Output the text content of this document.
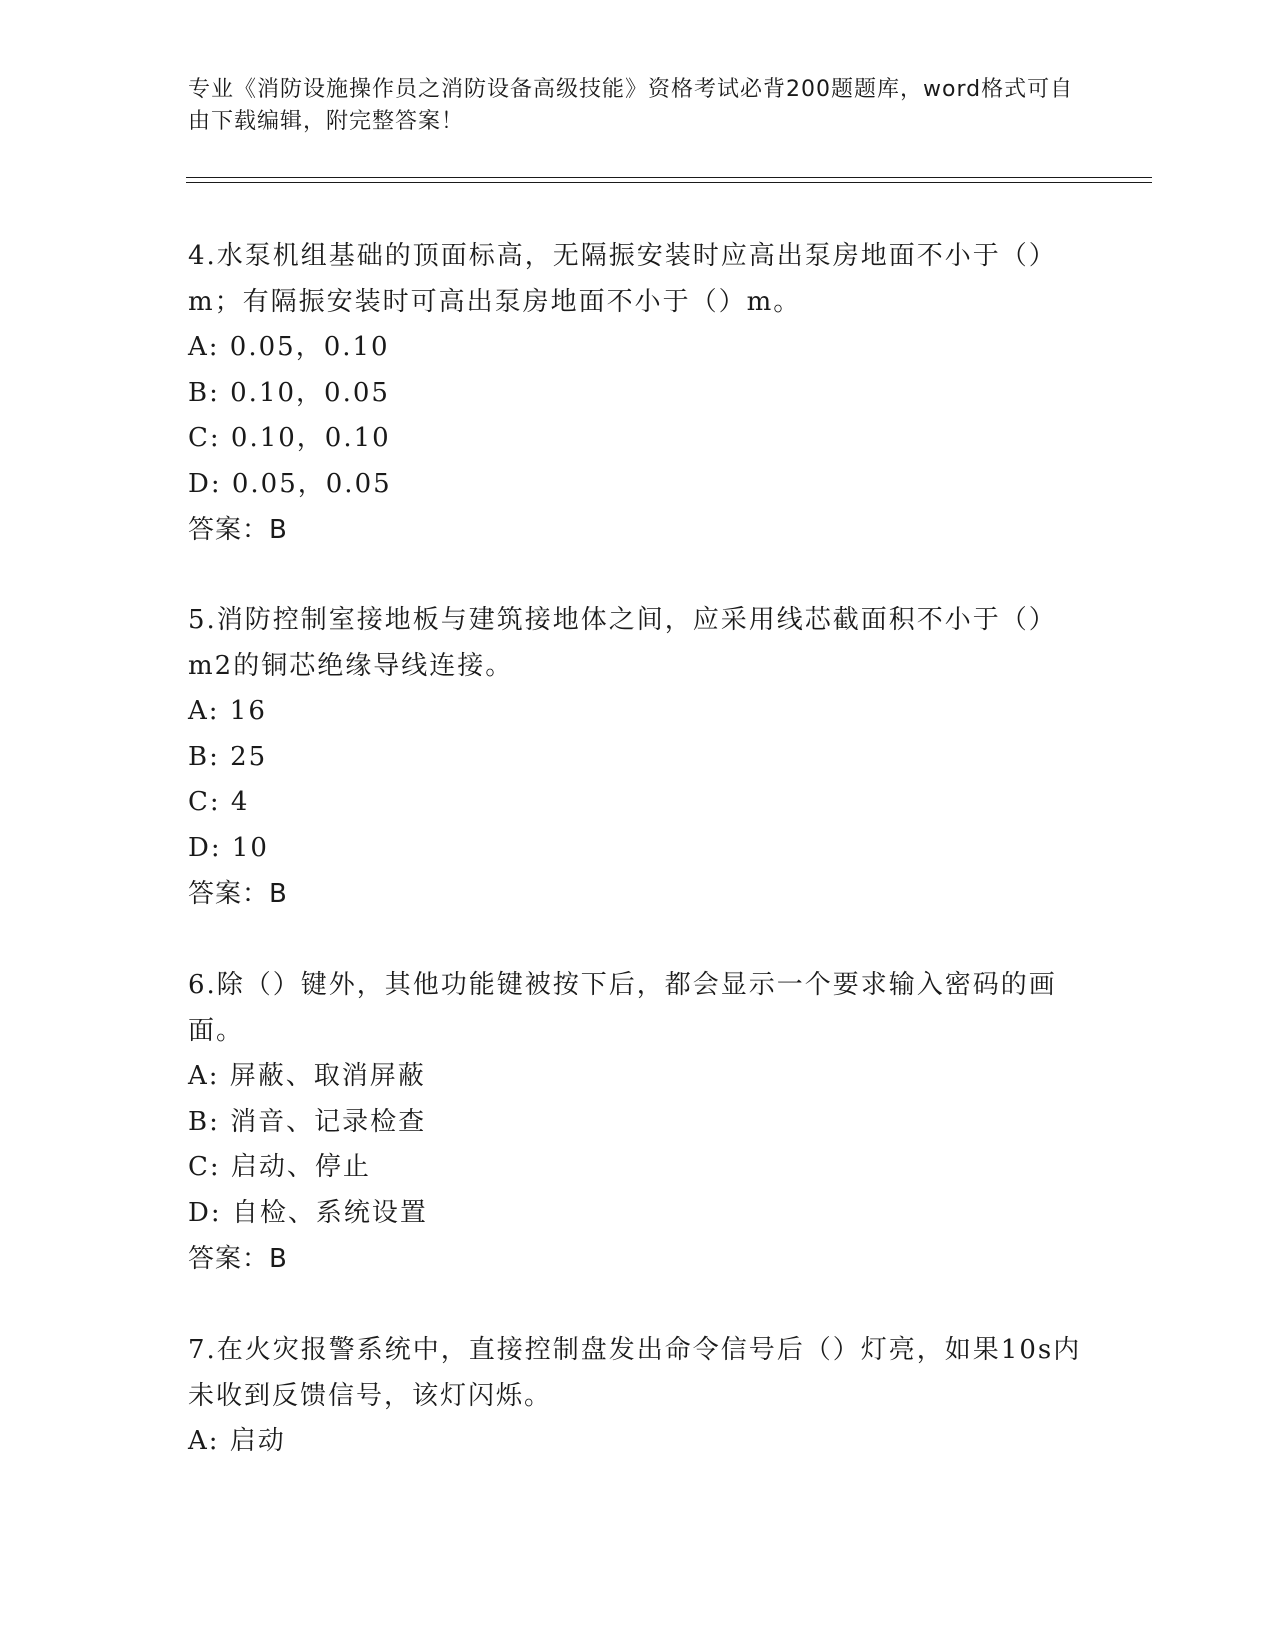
专业《消防设施操作员之消防设备高级技能》资格考试必背200题题库，word格式可自由下载编辑，附完整答案！

4.水泵机组基础的顶面标高，无隔振安装时应高出泵房地面不小于（）m；有隔振安装时可高出泵房地面不小于（）m。

A: 0.05，0.10

B: 0.10，0.05

C: 0.10，0.10

D: 0.05，0.05

答案：B

5.消防控制室接地板与建筑接地体之间，应采用线芯截面积不小于（）m2的铜芯绝缘导线连接。

A: 16

B: 25

C: 4

D: 10

答案：B

6.除（）键外，其他功能键被按下后，都会显示一个要求输入密码的画面。

A: 屏蔽、取消屏蔽

B: 消音、记录检查

C: 启动、停止

D: 自检、系统设置

答案：B

7.在火灾报警系统中，直接控制盘发出命令信号后（）灯亮，如果10s内未收到反馈信号，该灯闪烁。

A: 启动
